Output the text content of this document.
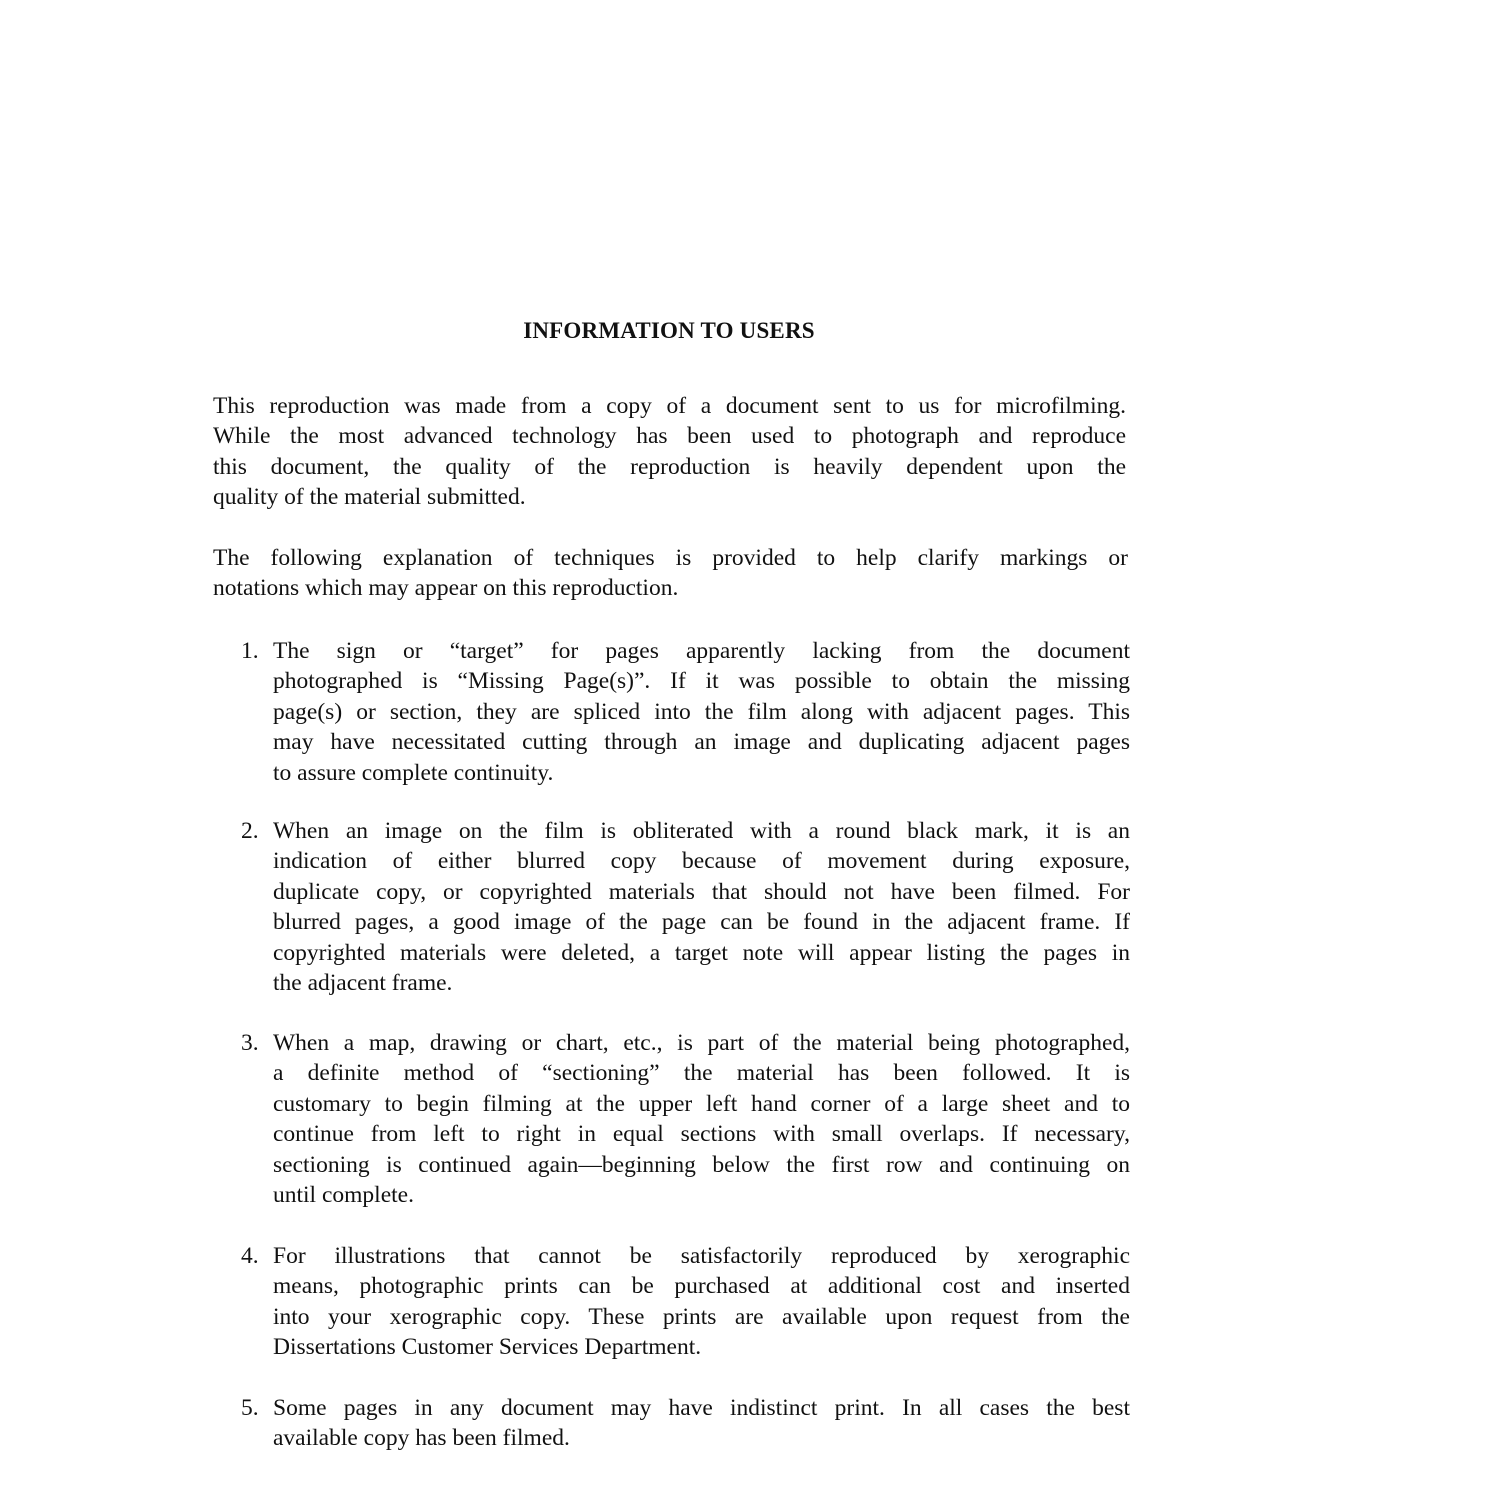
INFORMATION TO USERS
This reproduction was made from a copy of a document sent to us for microfilming.
While the most advanced technology has been used to photograph and reproduce
this document, the quality of the reproduction is heavily dependent upon the
quality of the material submitted.
The following explanation of techniques is provided to help clarify markings or
notations which may appear on this reproduction.
1. The sign or “target” for pages apparently lacking from the document
photographed is “Missing Page(s)”. If it was possible to obtain the missing
page(s) or section, they are spliced into the film along with adjacent pages. This
may have necessitated cutting through an image and duplicating adjacent pages
to assure complete continuity.
2. When an image on the film is obliterated with a round black mark, it is an
indication of either blurred copy because of movement during exposure,
duplicate copy, or copyrighted materials that should not have been filmed. For
blurred pages, a good image of the page can be found in the adjacent frame. If
copyrighted materials were deleted, a target note will appear listing the pages in
the adjacent frame.
3. When a map, drawing or chart, etc., is part of the material being photographed,
a definite method of “sectioning” the material has been followed. It is
customary to begin filming at the upper left hand corner of a large sheet and to
continue from left to right in equal sections with small overlaps. If necessary,
sectioning is continued again—beginning below the first row and continuing on
until complete.
4. For illustrations that cannot be satisfactorily reproduced by xerographic
means, photographic prints can be purchased at additional cost and inserted
into your xerographic copy. These prints are available upon request from the
Dissertations Customer Services Department.
5. Some pages in any document may have indistinct print. In all cases the best
available copy has been filmed.
